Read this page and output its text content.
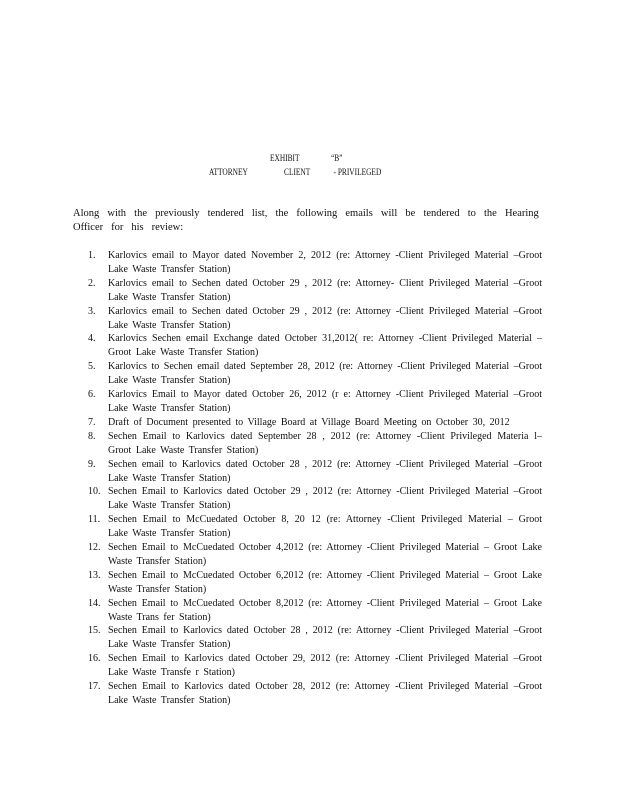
EXHIBIT	“B”
ATTORNEY	CLIENT	- PRIVILEGED
Along with the previously tendered list, the following emails will be tendered to the Hearing
Officer for his review:
1.	Karlovics email to Mayor dated November 2, 2012 (re: Attorney -Client Privileged Material –Groot Lake Waste Transfer Station)
2.	Karlovics email to Sechen dated October 29 , 2012 (re: Attorney- Client Privileged Material –Groot Lake Waste Transfer Station)
3.	Karlovics email to Sechen dated October 29 , 2012 (re: Attorney -Client Privileged Material –Groot Lake Waste Transfer Station)
4.	Karlovics Sechen email Exchange dated October 31,2012( re: Attorney -Client Privileged Material –Groot Lake Waste Transfer Station)
5.	Karlovics to Sechen email dated September 28, 2012 (re: Attorney -Client Privileged Material –Groot Lake Waste Transfer Station)
6.	Karlovics Email to Mayor dated October 26, 2012 (r e: Attorney -Client Privileged Material –Groot Lake Waste Transfer Station)
7.	Draft of Document presented to Village Board at Village Board Meeting on October 30, 2012
8.	Sechen Email to Karlovics dated September 28 , 2012 (re: Attorney -Client Privileged Materia l–Groot Lake Waste Transfer Station)
9.	Sechen email to Karlovics dated October 28 , 2012 (re: Attorney -Client Privileged Material –Groot Lake Waste Transfer Station)
10. Sechen Email to Karlovics dated October 29 , 2012 (re: Attorney -Client Privileged Material –Groot Lake Waste Transfer Station)
11. Sechen Email to McCuedated October 8, 20 12 (re: Attorney -Client Privileged Material – Groot Lake Waste Transfer Station)
12. Sechen Email to McCuedated October 4,2012 (re: Attorney -Client Privileged Material – Groot Lake Waste Transfer Station)
13. Sechen Email to McCuedated October 6,2012 (re: Attorney -Client Privileged Material – Groot Lake Waste Transfer Station)
14. Sechen Email to McCuedated October 8,2012 (re: Attorney -Client Privileged Material – Groot Lake Waste Trans fer Station)
15. Sechen Email to Karlovics dated October 28 , 2012 (re: Attorney -Client Privileged Material –Groot Lake Waste Transfer Station)
16. Sechen Email to Karlovics dated October 29, 2012 (re: Attorney -Client Privileged Material –Groot Lake Waste Transfe r Station)
17. Sechen Email to Karlovics dated October 28, 2012 (re: Attorney -Client Privileged Material –Groot Lake Waste Transfer Station)
